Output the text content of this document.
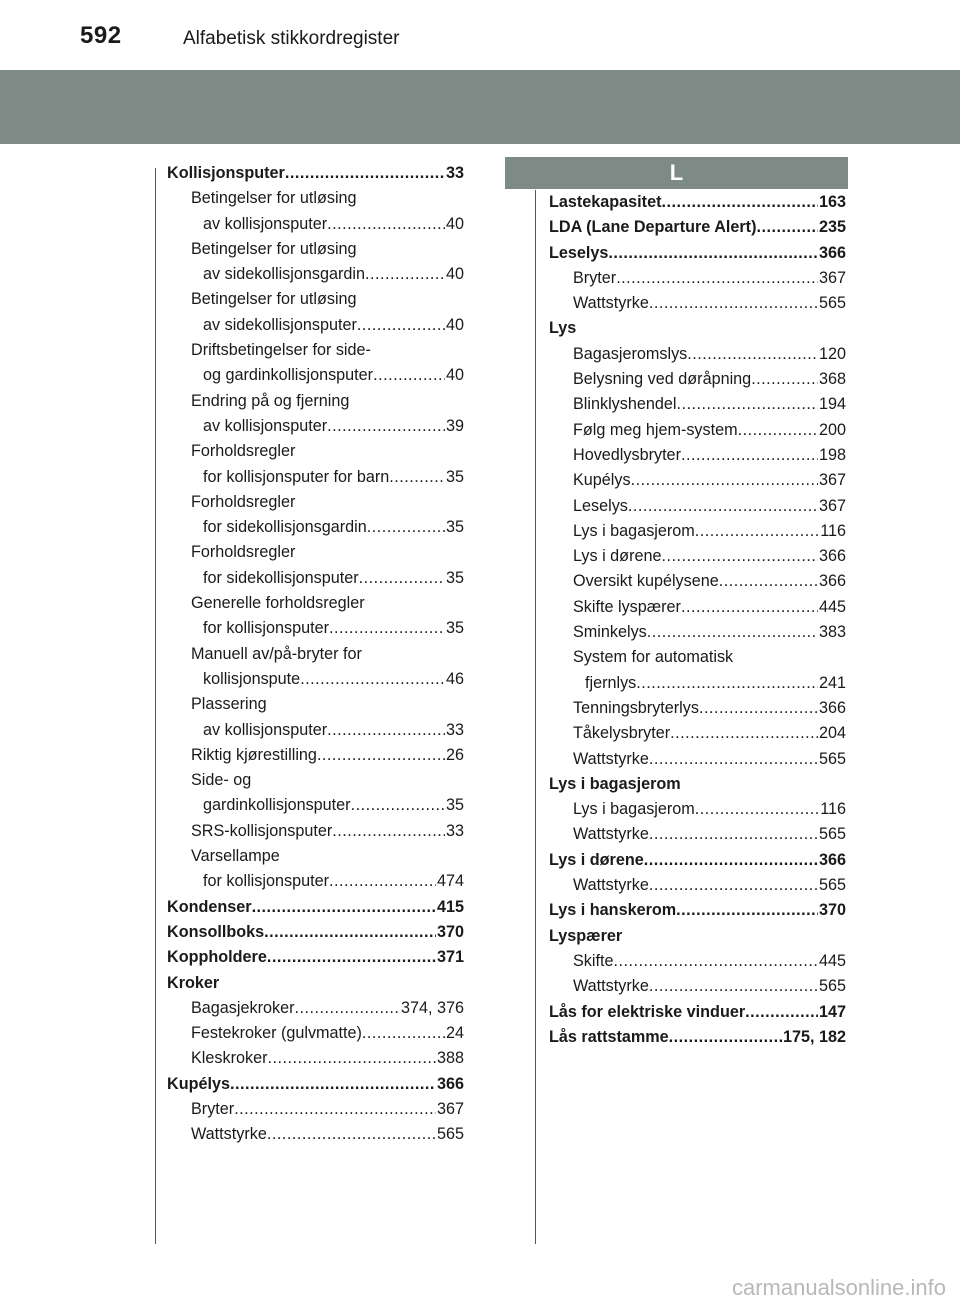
592	Alfabetisk stikkordregister
Kollisjonsputer .....	33
Betingelser for utløsing
av kollisjonsputer .....	40
Betingelser for utløsing
av sidekollisjonsgardin .....	40
Betingelser for utløsing
av sidekollisjonsputer .....	40
Driftsbetingelser for side-
og gardinkollisjonsputer .....	40
Endring på og fjerning
av kollisjonsputer .....	39
Forholdsregler
for kollisjonsputer for barn .....	35
Forholdsregler
for sidekollisjonsgardin .....	35
Forholdsregler
for sidekollisjonsputer .....	35
Generelle forholdsregler
for kollisjonsputer .....	35
Manuell av/på-bryter for
kollisjonspute .....	46
Plassering
av kollisjonsputer .....	33
Riktig kjørestilling .....	26
Side- og
gardinkollisjonsputer .....	35
SRS-kollisjonsputer .....	33
Varsellampe
for kollisjonsputer .....	474
Kondenser .....	415
Konsollboks .....	370
Koppholdere .....	371
Kroker
Bagasjekroker .....	374, 376
Festekroker (gulvmatte) .....	24
Kleskroker .....	388
Kupélys .....	366
Bryter .....	367
Wattstyrke .....	565
L
Lastekapasitet .....	163
LDA (Lane Departure Alert) .....	235
Leselys .....	366
Bryter .....	367
Wattstyrke .....	565
Lys
Bagasjeromslys .....	120
Belysning ved døråpning .....	368
Blinklyshendel .....	194
Følg meg hjem-system .....	200
Hovedlysbryter .....	198
Kupélys .....	367
Leselys .....	367
Lys i bagasjerom .....	116
Lys i dørene .....	366
Oversikt kupélysene .....	366
Skifte lyspærer .....	445
Sminkelys .....	383
System for automatisk
fjernlys .....	241
Tenningsbryterlys .....	366
Tåkelysbryter .....	204
Wattstyrke .....	565
Lys i bagasjerom
Lys i bagasjerom .....	116
Wattstyrke .....	565
Lys i dørene .....	366
Wattstyrke .....	565
Lys i hanskerom .....	370
Lyspærer
Skifte .....	445
Wattstyrke .....	565
Lås for elektriske vinduer .....	147
Lås rattstamme .....	175, 182
carmanualsonline.info
